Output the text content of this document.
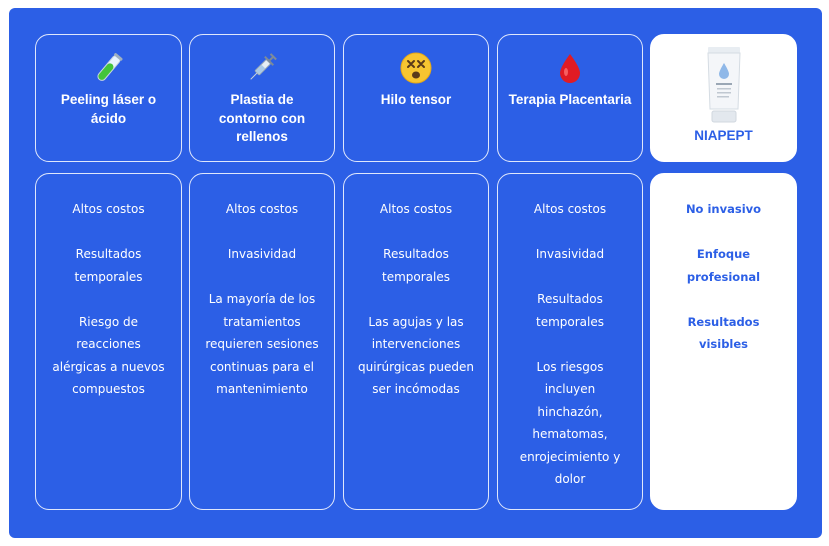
Peeling láser o ácido
Plastia de contorno con rellenos
Hilo tensor	Terapia Placentaria
NIAPEPT
Altos costos
Resultados temporales
Riesgo de reacciones alérgicas a nuevos compuestos
Altos costos
Invasividad
La mayoría de los tratamientos requieren sesiones continuas para el mantenimiento
Altos costos
Resultados temporales
Las agujas y las intervenciones quirúrgicas pueden ser incómodas
Altos costos
Invasividad
Resultados temporales
Los riesgos incluyen hinchazón, hematomas, enrojecimiento y dolor
No invasivo
Enfoque profesional
Resultados visibles
